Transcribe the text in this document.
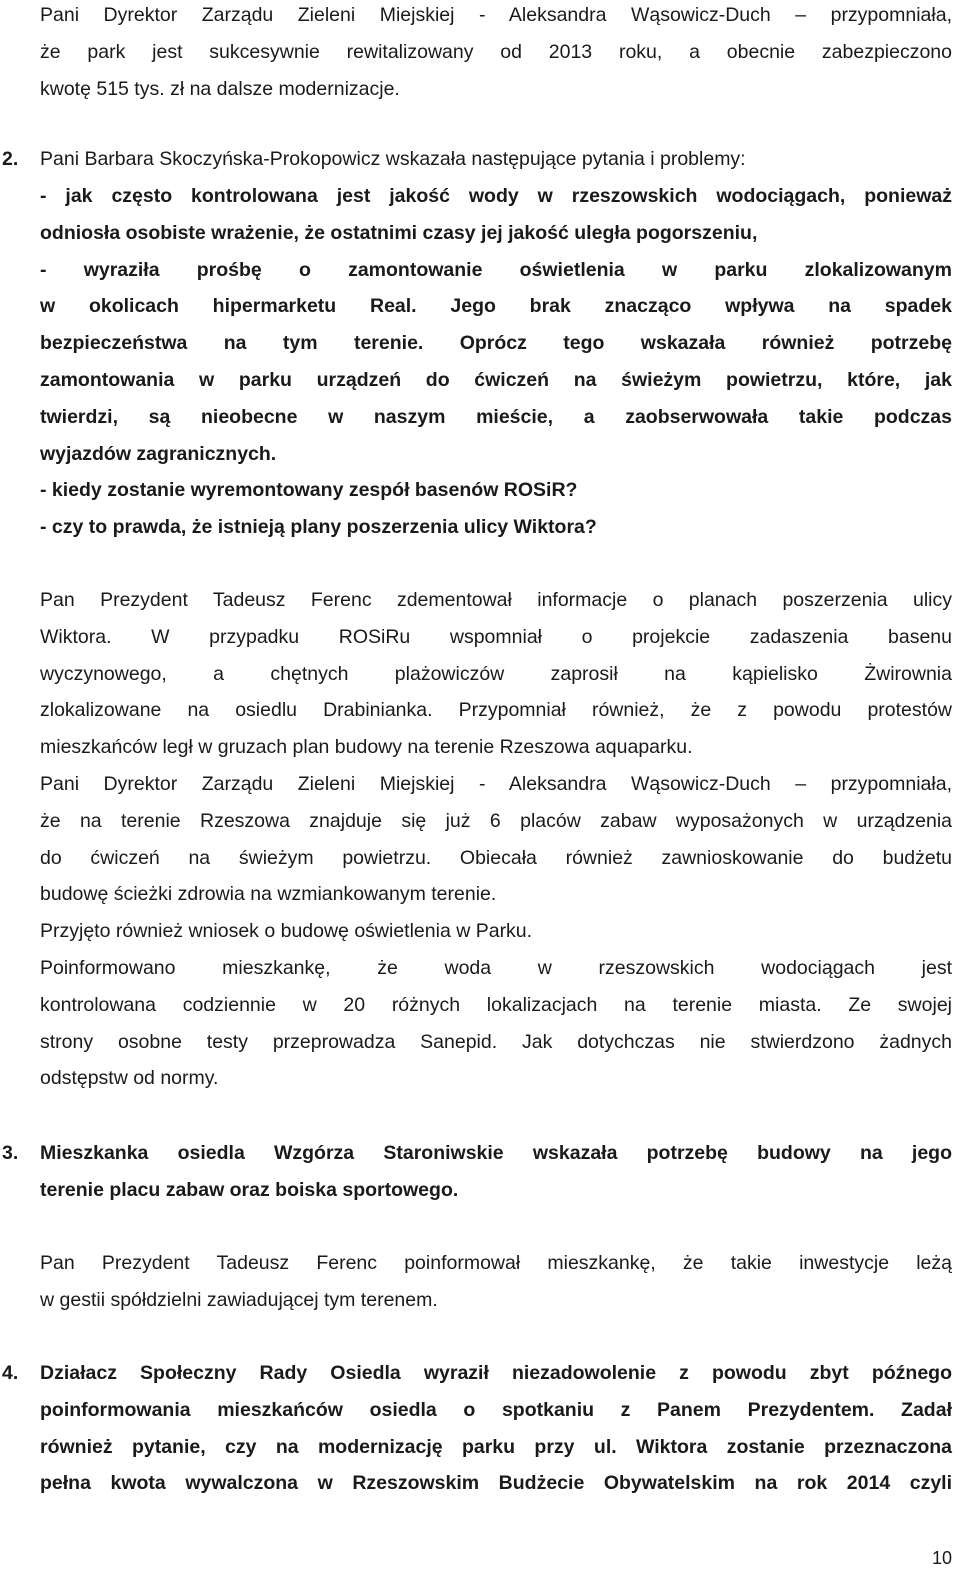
Pani Dyrektor Zarządu Zieleni Miejskiej - Aleksandra Wąsowicz-Duch – przypomniała,
że park jest sukcesywnie rewitalizowany od 2013 roku, a obecnie zabezpieczono
kwotę 515 tys. zł na dalsze modernizacje.
2.	Pani Barbara Skoczyńska-Prokopowicz wskazała następujące pytania i problemy:
- jak często kontrolowana jest jakość wody w rzeszowskich wodociągach, ponieważ
odniosła osobiste wrażenie, że ostatnimi czasy jej jakość uległa pogorszeniu,
- wyraziła prośbę o zamontowanie oświetlenia w parku zlokalizowanym
w okolicach hipermarketu Real. Jego brak znacząco wpływa na spadek
bezpieczeństwa na tym terenie. Oprócz tego wskazała również potrzebę
zamontowania w parku urządzeń do ćwiczeń na świeżym powietrzu, które, jak
twierdzi, są nieobecne w naszym mieście, a zaobserwowała takie podczas
wyjazdów zagranicznych.
- kiedy zostanie wyremontowany zespół basenów ROSiR?
- czy to prawda, że istnieją plany poszerzenia ulicy Wiktora?
Pan Prezydent Tadeusz Ferenc zdementował informacje o planach poszerzenia ulicy
Wiktora. W przypadku ROSiRu wspomniał o projekcie zadaszenia basenu
wyczynowego, a chętnych plażowiczów zaprosił na kąpielisko Żwirownia
zlokalizowane na osiedlu Drabinianka. Przypomniał również, że z powodu protestów
mieszkańców legł w gruzach plan budowy na terenie Rzeszowa aquaparku.
Pani Dyrektor Zarządu Zieleni Miejskiej - Aleksandra Wąsowicz-Duch – przypomniała,
że na terenie Rzeszowa znajduje się już 6 placów zabaw wyposażonych w urządzenia
do ćwiczeń na świeżym powietrzu. Obiecała również zawnioskowanie do budżetu
budowę ścieżki zdrowia na wzmiankowanym terenie.
Przyjęto również wniosek o budowę oświetlenia w Parku.
Poinformowano mieszkankę, że woda w rzeszowskich wodociągach jest
kontrolowana codziennie w 20 różnych lokalizacjach na terenie miasta. Ze swojej
strony osobne testy przeprowadza Sanepid. Jak dotychczas nie stwierdzono żadnych
odstępstw od normy.
3.	Mieszkanka osiedla Wzgórza Staroniwskie wskazała potrzebę budowy na jego
terenie placu zabaw oraz boiska sportowego.
Pan Prezydent Tadeusz Ferenc poinformował mieszkankę, że takie inwestycje leżą
w gestii spółdzielni zawiadującej tym terenem.
4.	Działacz Społeczny Rady Osiedla wyraził niezadowolenie z powodu zbyt późnego
poinformowania mieszkańców osiedla o spotkaniu z Panem Prezydentem. Zadał
również pytanie, czy na modernizację parku przy ul. Wiktora zostanie przeznaczona
pełna kwota wywalczona w Rzeszowskim Budżecie Obywatelskim na rok 2014 czyli
10
